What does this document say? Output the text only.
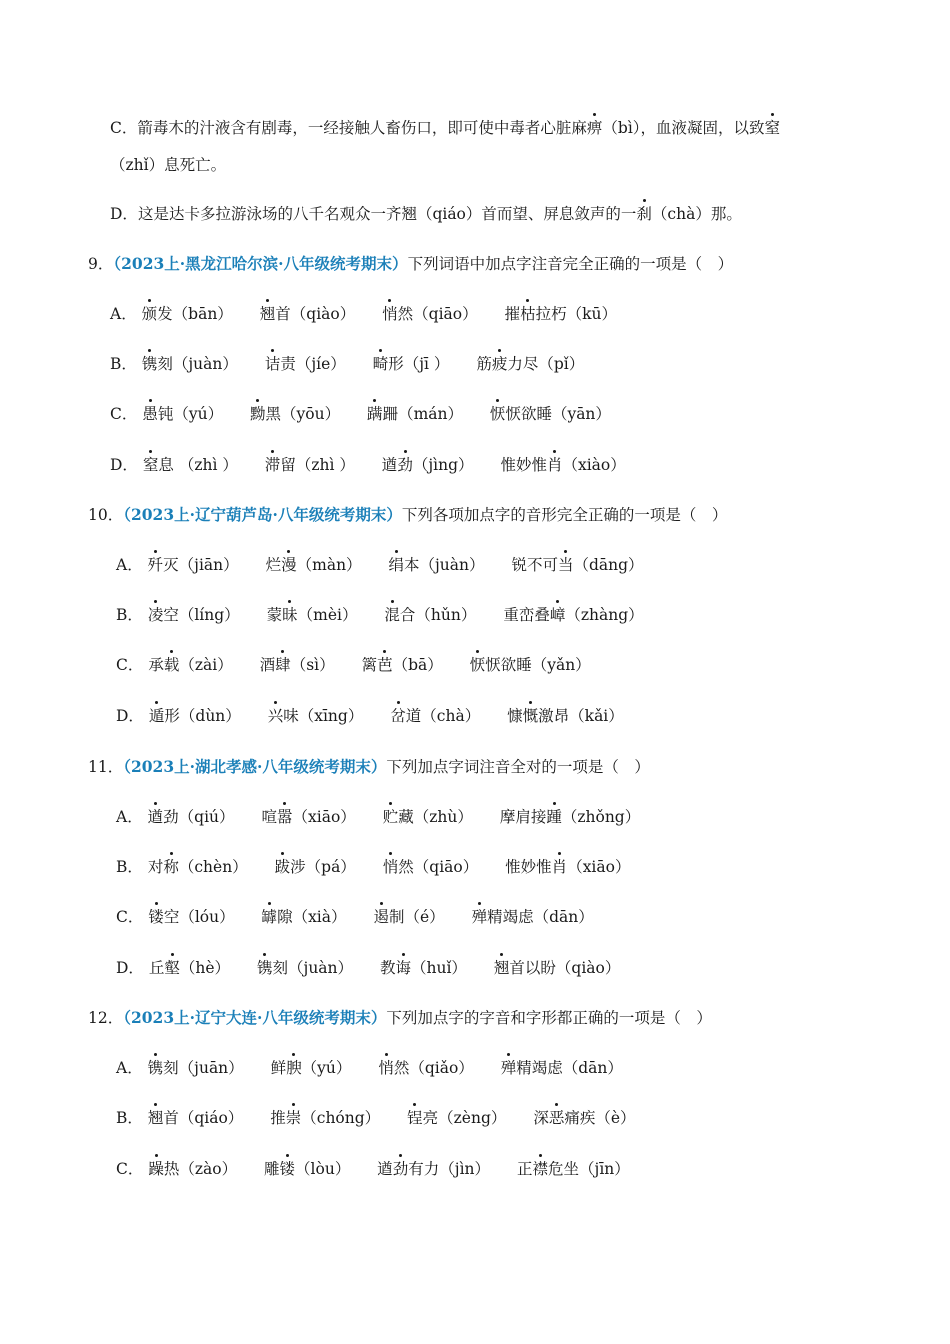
C．箭毒木的汁液含有剧毒，一经接触人畜伤口，即可使中毒者心脏麻痹（bì），血液凝固，以致窒
（zhǐ）息死亡。
D．这是达卡多拉游泳场的八千名观众一齐翘（qiáo）首而望、屏息敛声的一刹（chà）那。
9．（2023上·黑龙江哈尔滨·八年级统考期末）下列词语中加点字注音完全正确的一项是（　）
A． 颁发（bān） 翘首（qiào） 悄然（qiāo） 摧枯拉朽（kū）
B． 镌刻（juàn） 诘责（jíe） 畸形（jī ） 筋疲力尽（pǐ）
C． 愚钝（yú） 黝黑（yōu） 蹒跚（mán） 恹恹欲睡（yān）
D． 窒息 （zhì ） 滞留（zhì ） 遒劲（jìng） 惟妙惟肖（xiào）
10．（2023上·辽宁葫芦岛·八年级统考期末）下列各项加点字的音形完全正确的一项是（　）
A． 歼灭（jiān） 烂漫（màn） 绢本（juàn） 锐不可当（dāng）
B． 凌空（líng） 蒙昧（mèi） 混合（hǔn） 重峦叠嶂（zhàng）
C． 承载（zài） 酒肆（sì） 篱芭（bā） 恹恹欲睡（yǎn）
D． 遁形（dùn） 兴味（xīng） 岔道（chà） 慷慨激昂（kǎi）
11．（2023上·湖北孝感·八年级统考期末）下列加点字词注音全对的一项是（　）
A． 遒劲（qiú） 喧嚣（xiāo） 贮藏（zhù） 摩肩接踵（zhǒng）
B． 对称（chèn） 跋涉（pá） 悄然（qiāo） 惟妙惟肖（xiāo）
C． 镂空（lóu） 罅隙（xià） 遏制（é） 殚精竭虑（dān）
D． 丘壑（hè） 镌刻（juàn） 教诲（huǐ） 翘首以盼（qiào）
12．（2023上·辽宁大连·八年级统考期末）下列加点字的字音和字形都正确的一项是（　）
A． 镌刻（juān） 鲜腴（yú） 悄然（qiǎo） 殚精竭虑（dān）
B． 翘首（qiáo） 推崇（chóng） 锃亮（zèng） 深恶痛疾（è）
C． 躁热（zào） 雕镂（lòu） 遒劲有力（jìn） 正襟危坐（jīn）
